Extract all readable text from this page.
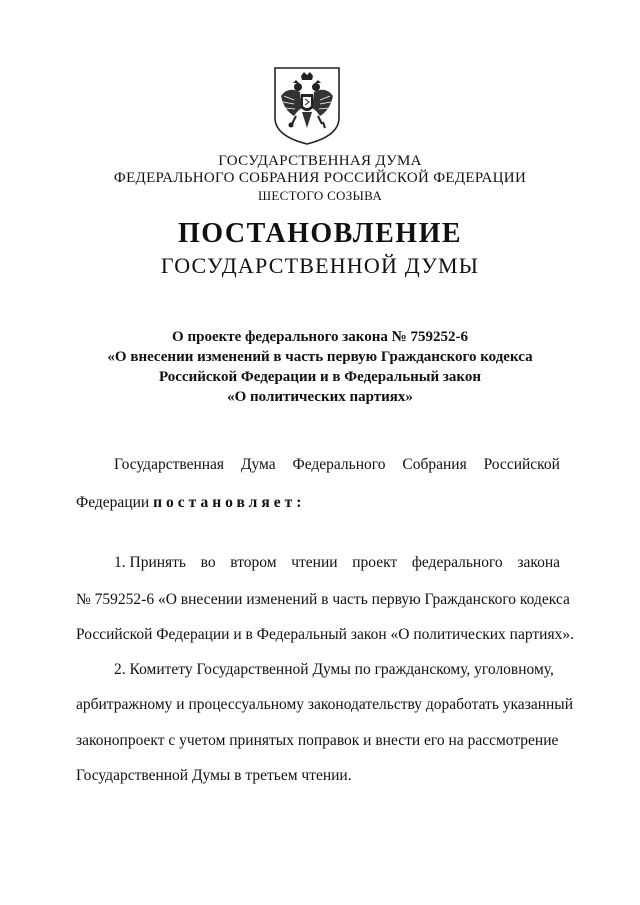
ГОСУДАРСТВЕННАЯ ДУМА
ФЕДЕРАЛЬНОГО СОБРАНИЯ РОССИЙСКОЙ ФЕДЕРАЦИИ
ШЕСТОГО СОЗЫВА
ПОСТАНОВЛЕНИЕ
ГОСУДАРСТВЕННОЙ ДУМЫ
О проекте федерального закона № 759252-6
«О внесении изменений в часть первую Гражданского кодекса
Российской Федерации и в Федеральный закон
«О политических партиях»
Государственная Дума Федерального Собрания Российской
Федерации постановляет:
1. Принять во втором чтении проект федерального закона
№ 759252-6 «О внесении изменений в часть первую Гражданского кодекса
Российской Федерации и в Федеральный закон «О политических партиях».
2. Комитету Государственной Думы по гражданскому, уголовному,
арбитражному и процессуальному законодательству доработать указанный
законопроект с учетом принятых поправок и внести его на рассмотрение
Государственной Думы в третьем чтении.
